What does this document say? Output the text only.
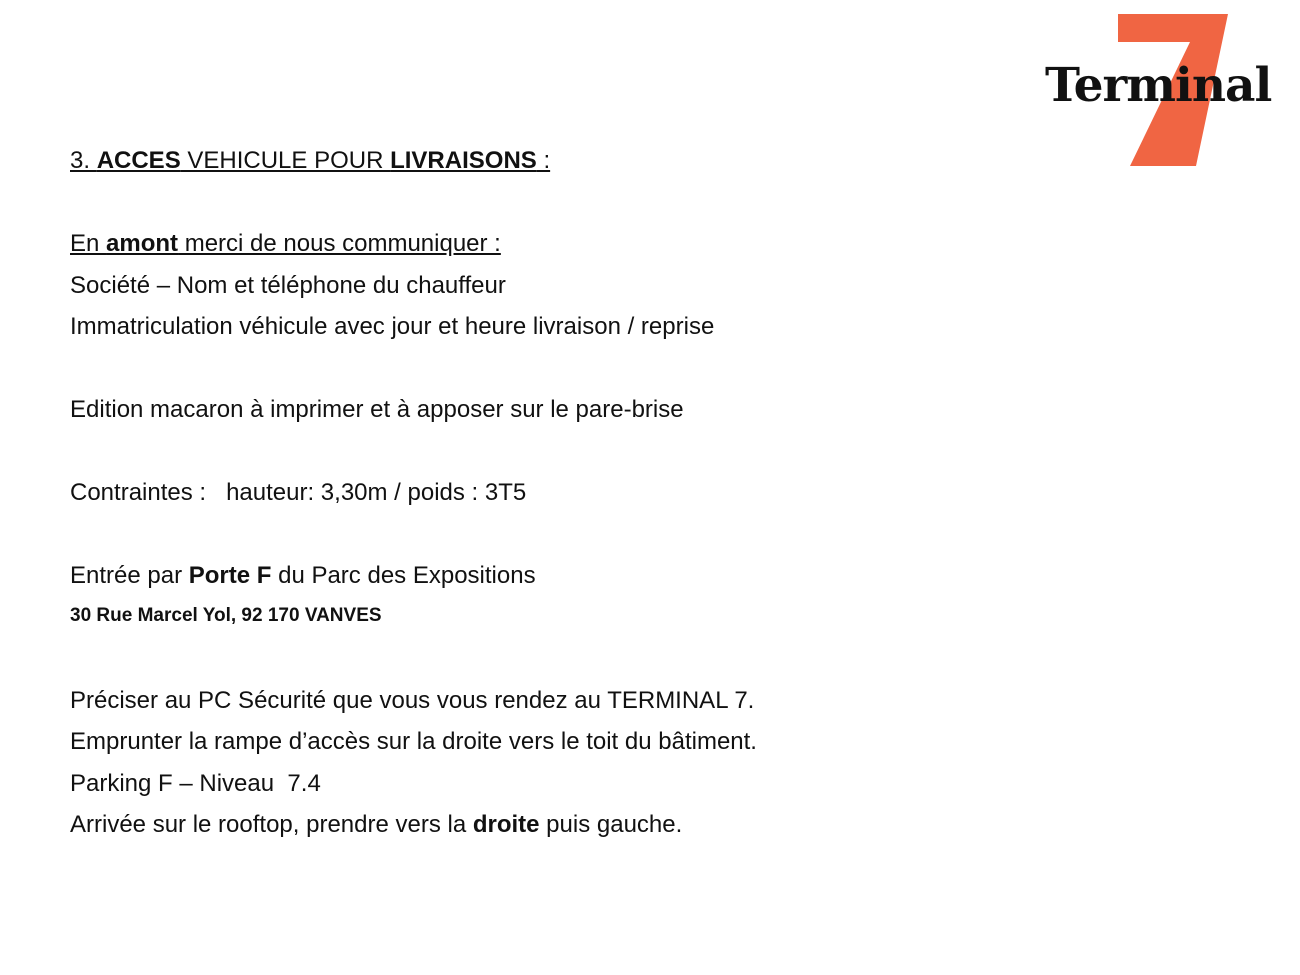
Terminal
3. ACCES VEHICULE POUR LIVRAISONS :
En amont merci de nous communiquer :
Société – Nom et téléphone du chauffeur
Immatriculation véhicule avec jour et heure livraison / reprise
Edition macaron à imprimer et à apposer sur le pare-brise
Contraintes :   hauteur: 3,30m / poids : 3T5
Entrée par Porte F du Parc des Expositions
30 Rue Marcel Yol, 92 170 VANVES
Préciser au PC Sécurité que vous vous rendez au TERMINAL 7.
Emprunter la rampe d’accès sur la droite vers le toit du bâtiment.
Parking F – Niveau  7.4
Arrivée sur le rooftop, prendre vers la droite puis gauche.
